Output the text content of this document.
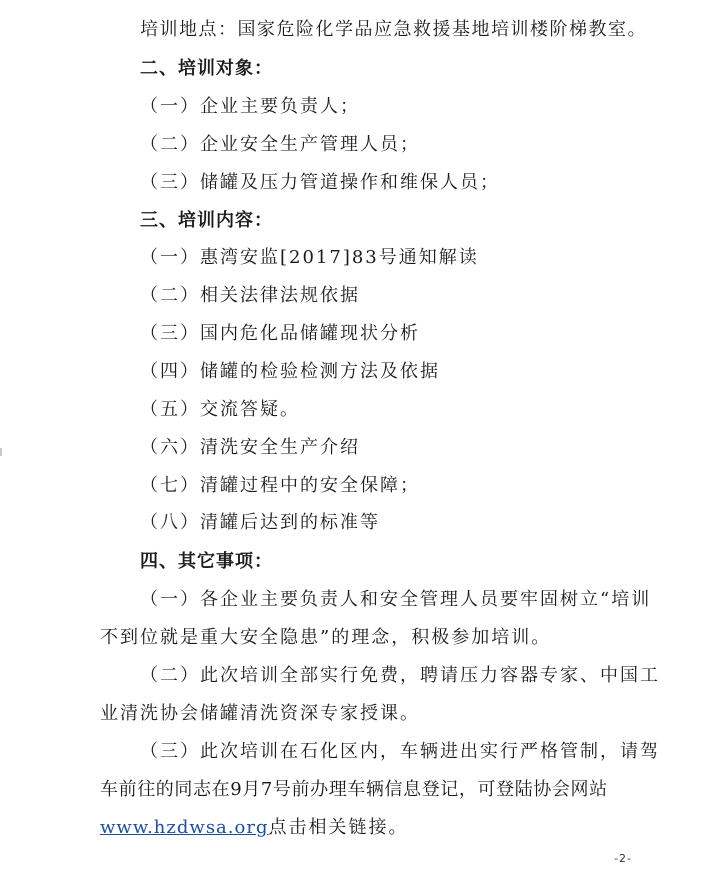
培训地点：国家危险化学品应急救援基地培训楼阶梯教室。
二、培训对象：
（一）企业主要负责人；
（二）企业安全生产管理人员；
（三）储罐及压力管道操作和维保人员；
三、培训内容：
（一）惠湾安监[2017]83号通知解读
（二）相关法律法规依据
（三）国内危化品储罐现状分析
（四）储罐的检验检测方法及依据
（五）交流答疑。
（六）清洗安全生产介绍
（七）清罐过程中的安全保障；
（八）清罐后达到的标准等
四、其它事项：
（一）各企业主要负责人和安全管理人员要牢固树立“培训
不到位就是重大安全隐患”的理念，积极参加培训。
（二）此次培训全部实行免费，聘请压力容器专家、中国工
业清洗协会储罐清洗资深专家授课。
（三）此次培训在石化区内，车辆进出实行严格管制，请驾
车前往的同志在9月7号前办理车辆信息登记，可登陆协会网站
www.hzdwsa.org点击相关链接。
-2-
